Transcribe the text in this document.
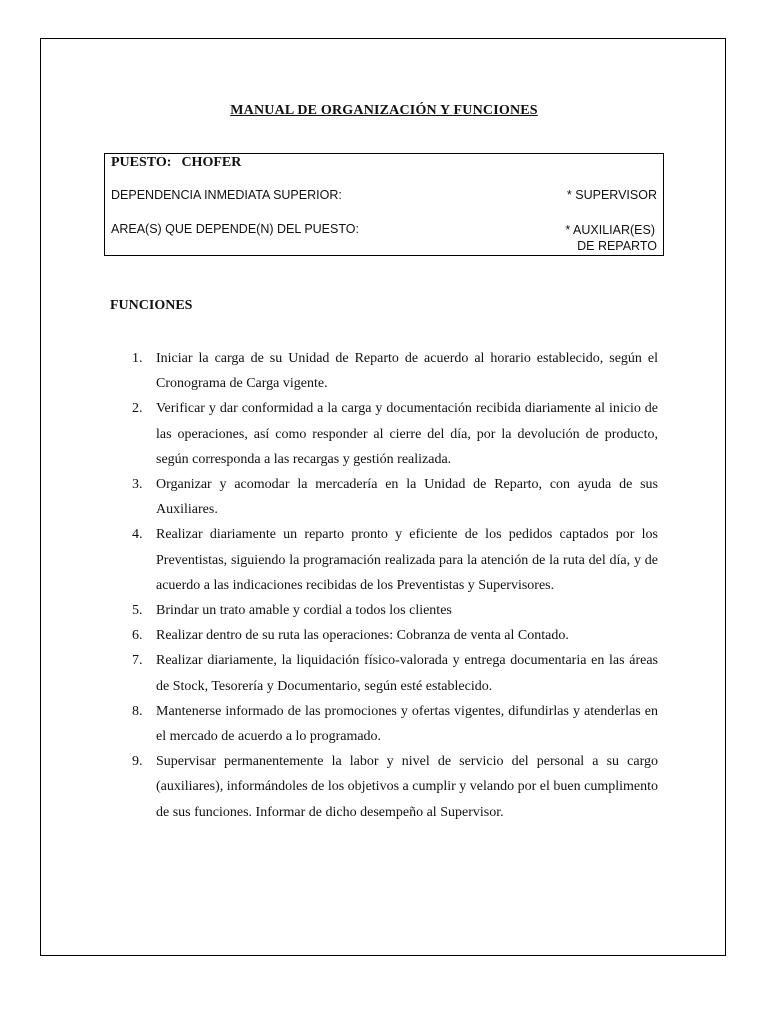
MANUAL DE ORGANIZACIÓN Y FUNCIONES
PUESTO: CHOFER
DEPENDENCIA INMEDIATA SUPERIOR:	* SUPERVISOR
AREA(S) QUE DEPENDE(N) DEL PUESTO:	* AUXILIAR(ES)
DE REPARTO
FUNCIONES
1. Iniciar la carga de su Unidad de Reparto de acuerdo al horario establecido, según el Cronograma de Carga vigente.
2. Verificar y dar conformidad a la carga y documentación recibida diariamente al inicio de las operaciones, así como responder al cierre del día, por la devolución de producto, según corresponda a las recargas y gestión realizada.
3. Organizar y acomodar la mercadería en la Unidad de Reparto, con ayuda de sus Auxiliares.
4. Realizar diariamente un reparto pronto y eficiente de los pedidos captados por los Preventistas, siguiendo la programación realizada para la atención de la ruta del día, y de acuerdo a las indicaciones recibidas de los Preventistas y Supervisores.
5. Brindar un trato amable y cordial a todos los clientes
6. Realizar dentro de su ruta las operaciones: Cobranza de venta al Contado.
7. Realizar diariamente, la liquidación físico-valorada y entrega documentaria en las áreas de Stock, Tesorería y Documentario, según esté establecido.
8. Mantenerse informado de las promociones y ofertas vigentes, difundirlas y atenderlas en el mercado de acuerdo a lo programado.
9. Supervisar permanentemente la labor y nivel de servicio del personal a su cargo (auxiliares), informándoles de los objetivos a cumplir y velando por el buen cumplimento de sus funciones. Informar de dicho desempeño al Supervisor.
